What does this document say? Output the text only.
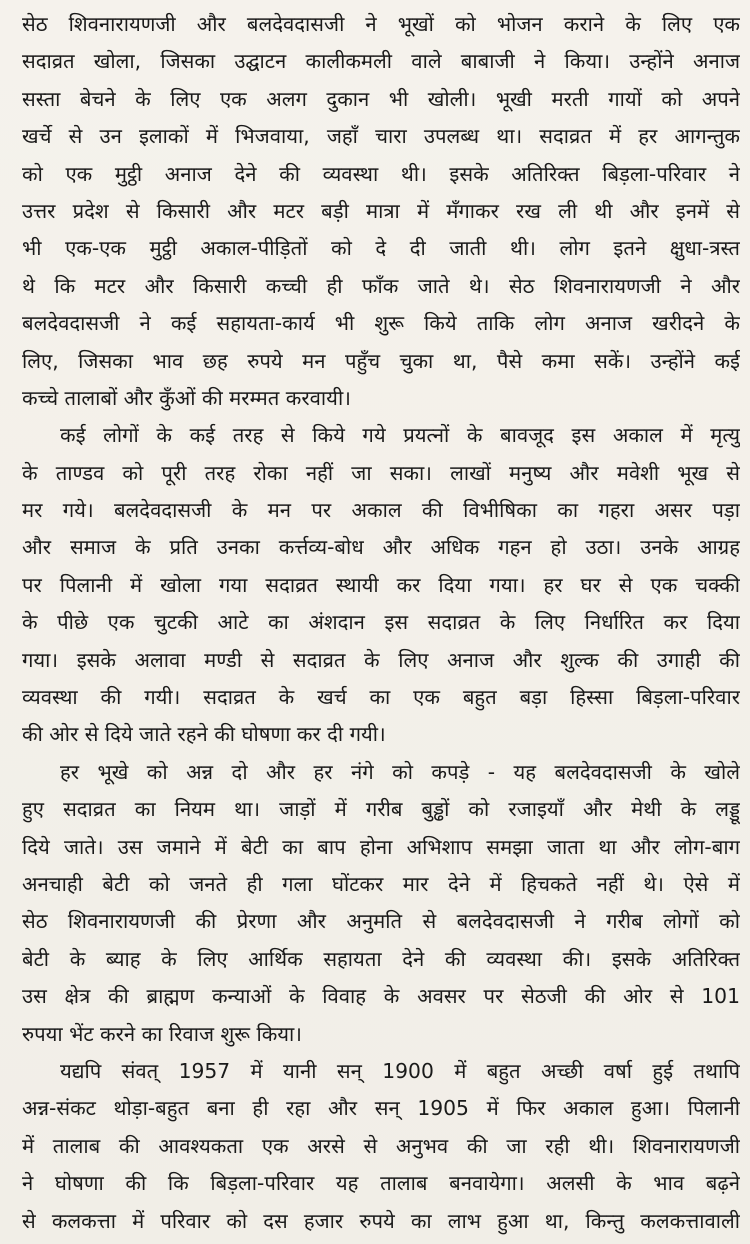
सेठ शिवनारायणजी और बलदेवदासजी ने भूखों को भोजन कराने के लिए एक
सदाव्रत खोला, जिसका उद्घाटन कालीकमली वाले बाबाजी ने किया। उन्होंने अनाज
सस्ता बेचने के लिए एक अलग दुकान भी खोली। भूखी मरती गायों को अपने
खर्चे से उन इलाकों में भिजवाया, जहाँ चारा उपलब्ध था। सदाव्रत में हर आगन्तुक
को एक मुट्ठी अनाज देने की व्यवस्था थी। इसके अतिरिक्त बिड़ला-परिवार ने
उत्तर प्रदेश से किसारी और मटर बड़ी मात्रा में मँगाकर रख ली थी और इनमें से
भी एक-एक मुट्ठी अकाल-पीड़ितों को दे दी जाती थी। लोग इतने क्षुधा-त्रस्त
थे कि मटर और किसारी कच्ची ही फाँक जाते थे। सेठ शिवनारायणजी ने और
बलदेवदासजी ने कई सहायता-कार्य भी शुरू किये ताकि लोग अनाज खरीदने के
लिए, जिसका भाव छह रुपये मन पहुँच चुका था, पैसे कमा सकें। उन्होंने कई
कच्चे तालाबों और कुँओं की मरम्मत करवायी।
कई लोगों के कई तरह से किये गये प्रयत्नों के बावजूद इस अकाल में मृत्यु
के ताण्डव को पूरी तरह रोका नहीं जा सका। लाखों मनुष्य और मवेशी भूख से
मर गये। बलदेवदासजी के मन पर अकाल की विभीषिका का गहरा असर पड़ा
और समाज के प्रति उनका कर्त्तव्य-बोध और अधिक गहन हो उठा। उनके आग्रह
पर पिलानी में खोला गया सदाव्रत स्थायी कर दिया गया। हर घर से एक चक्की
के पीछे एक चुटकी आटे का अंशदान इस सदाव्रत के लिए निर्धारित कर दिया
गया। इसके अलावा मण्डी से सदाव्रत के लिए अनाज और शुल्क की उगाही की
व्यवस्था की गयी। सदाव्रत के खर्च का एक बहुत बड़ा हिस्सा बिड़ला-परिवार
की ओर से दिये जाते रहने की घोषणा कर दी गयी।
हर भूखे को अन्न दो और हर नंगे को कपड़े - यह बलदेवदासजी के खोले
हुए सदाव्रत का नियम था। जाड़ों में गरीब बुड्ढों को रजाइयाँ और मेथी के लड्डू
दिये जाते। उस जमाने में बेटी का बाप होना अभिशाप समझा जाता था और लोग-बाग
अनचाही बेटी को जनते ही गला घोंटकर मार देने में हिचकते नहीं थे। ऐसे में
सेठ शिवनारायणजी की प्रेरणा और अनुमति से बलदेवदासजी ने गरीब लोगों को
बेटी के ब्याह के लिए आर्थिक सहायता देने की व्यवस्था की। इसके अतिरिक्त
उस क्षेत्र की ब्राह्मण कन्याओं के विवाह के अवसर पर सेठजी की ओर से 101
रुपया भेंट करने का रिवाज शुरू किया।
यद्यपि संवत् 1957 में यानी सन् 1900 में बहुत अच्छी वर्षा हुई तथापि
अन्न-संकट थोड़ा-बहुत बना ही रहा और सन् 1905 में फिर अकाल हुआ। पिलानी
में तालाब की आवश्यकता एक अरसे से अनुभव की जा रही थी। शिवनारायणजी
ने घोषणा की कि बिड़ला-परिवार यह तालाब बनवायेगा। अलसी के भाव बढ़ने
से कलकत्ता में परिवार को दस हजार रुपये का लाभ हुआ था, किन्तु कलकत्तावाली
